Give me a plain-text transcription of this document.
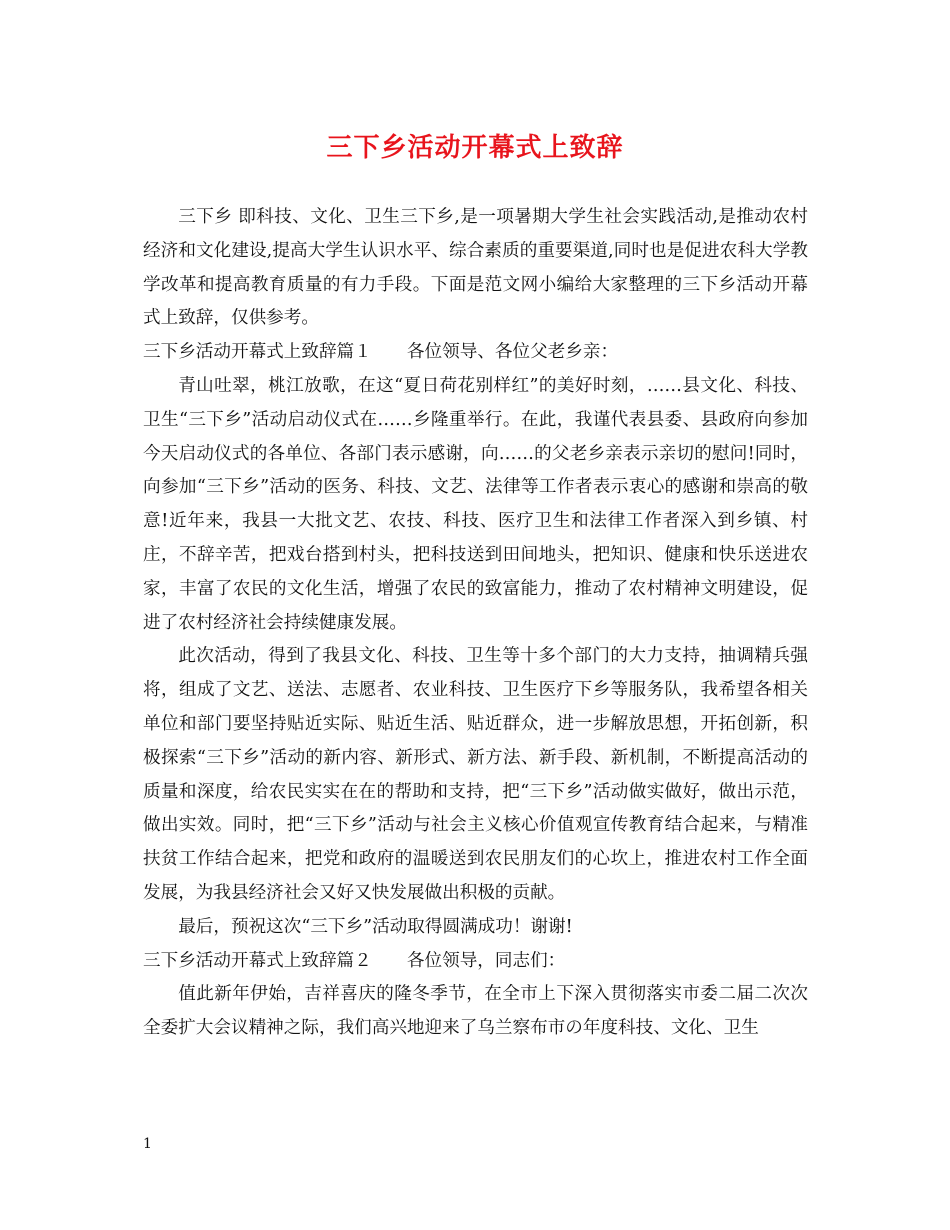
三下乡活动开幕式上致辞

三下乡 即科技、文化、卫生三下乡,是一项暑期大学生社会实践活动,是推动农村经济和文化建设,提高大学生认识水平、综合素质的重要渠道,同时也是促进农科大学教学改革和提高教育质量的有力手段。下面是范文网小编给大家整理的三下乡活动开幕式上致辞，仅供参考。

三下乡活动开幕式上致辞篇１　　各位领导、各位父老乡亲：

青山吐翠，桃江放歌，在这“夏日荷花别样红”的美好时刻，……县文化、科技、卫生“三下乡”活动启动仪式在……乡隆重举行。在此，我谨代表县委、县政府向参加今天启动仪式的各单位、各部门表示感谢，向……的父老乡亲表示亲切的慰问!同时，向参加“三下乡”活动的医务、科技、文艺、法律等工作者表示衷心的感谢和崇高的敬意!近年来，我县一大批文艺、农技、科技、医疗卫生和法律工作者深入到乡镇、村庄，不辞辛苦，把戏台搭到村头，把科技送到田间地头，把知识、健康和快乐送进农家，丰富了农民的文化生活，增强了农民的致富能力，推动了农村精神文明建设，促进了农村经济社会持续健康发展。

此次活动，得到了我县文化、科技、卫生等十多个部门的大力支持，抽调精兵强将，组成了文艺、送法、志愿者、农业科技、卫生医疗下乡等服务队，我希望各相关单位和部门要坚持贴近实际、贴近生活、贴近群众，进一步解放思想，开拓创新，积极探索“三下乡”活动的新内容、新形式、新方法、新手段、新机制，不断提高活动的质量和深度，给农民实实在在的帮助和支持，把“三下乡”活动做实做好，做出示范，做出实效。同时，把“三下乡”活动与社会主义核心价值观宣传教育结合起来，与精准扶贫工作结合起来，把党和政府的温暖送到农民朋友们的心坎上，推进农村工作全面发展，为我县经济社会又好又快发展做出积极的贡献。

最后，预祝这次“三下乡”活动取得圆满成功！谢谢!

三下乡活动开幕式上致辞篇２　　各位领导，同志们：

值此新年伊始，吉祥喜庆的隆冬季节，在全市上下深入贯彻落实市委二届二次次全委扩大会议精神之际，我们高兴地迎来了乌兰察布市の年度科技、文化、卫生

1
